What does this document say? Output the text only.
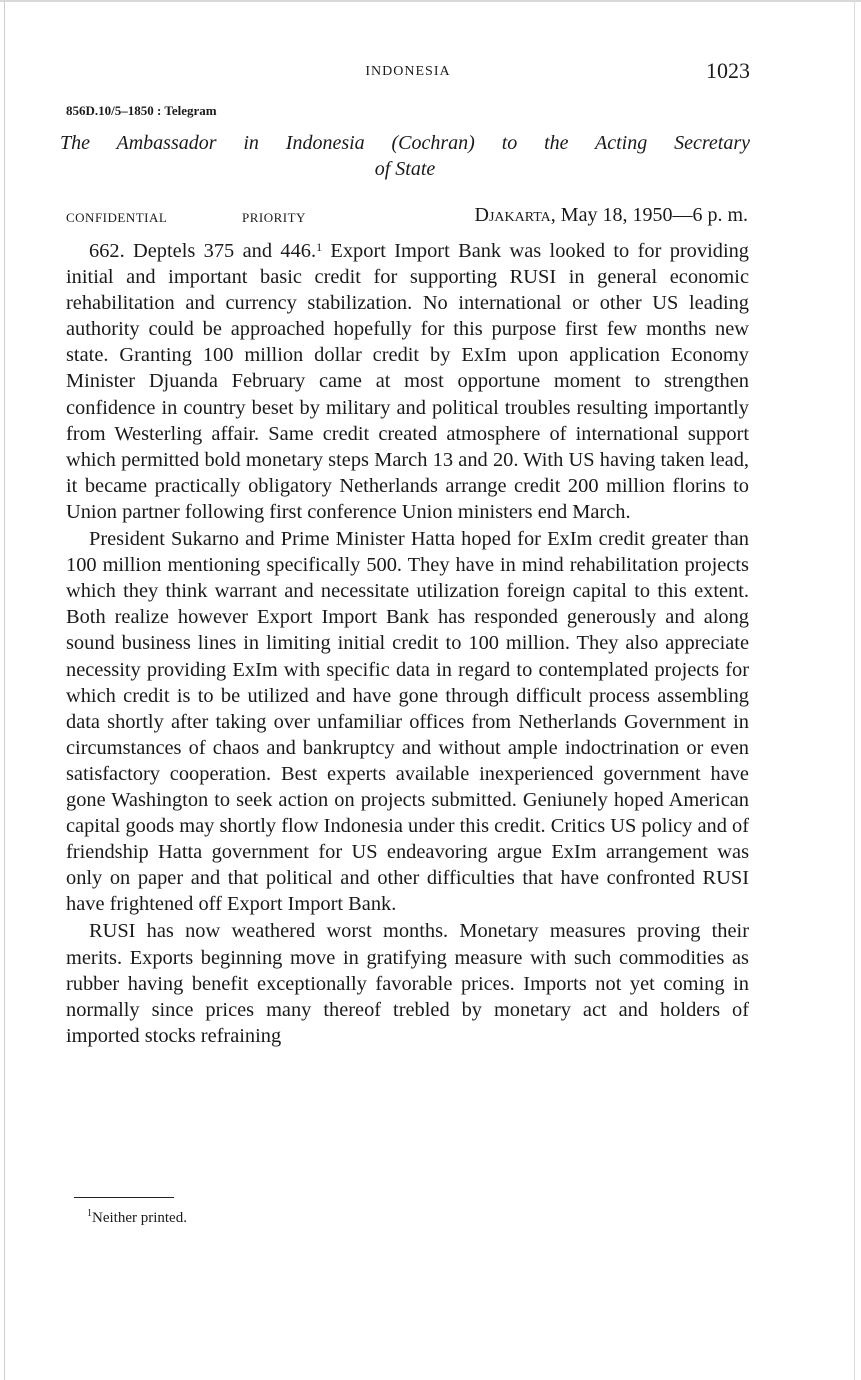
INDONESIA	1023
856D.10/5–1850 : Telegram
The Ambassador in Indonesia (Cochran) to the Acting Secretary
of State
CONFIDENTIAL	PRIORITY	Djakarta, May 18, 1950—6 p. m.

662. Deptels 375 and 446.$^1$ Export Import Bank was looked to for providing initial and important basic credit for supporting RUSI in general economic rehabilitation and currency stabilization. No international or other US leading authority could be approached hopefully for this purpose first few months new state. Granting 100 million dollar credit by ExIm upon application Economy Minister Djuanda February came at most opportune moment to strengthen confidence in country beset by military and political troubles resulting importantly from Westerling affair. Same credit created atmosphere of international support which permitted bold monetary steps March 13 and 20. With US having taken lead, it became practically obligatory Netherlands arrange credit 200 million florins to Union partner following first conference Union ministers end March.

President Sukarno and Prime Minister Hatta hoped for ExIm credit greater than 100 million mentioning specifically 500. They have in mind rehabilitation projects which they think warrant and necessitate utilization foreign capital to this extent. Both realize however Export Import Bank has responded generously and along sound business lines in limiting initial credit to 100 million. They also appreciate necessity providing ExIm with specific data in regard to contemplated projects for which credit is to be utilized and have gone through difficult process assembling data shortly after taking over unfamiliar offices from Netherlands Government in circumstances of chaos and bankruptcy and without ample indoctrination or even satisfactory cooperation. Best experts available inexperienced government have gone Washington to seek action on projects submitted. Geniunely hoped American capital goods may shortly flow Indonesia under this credit. Critics US policy and of friendship Hatta government for US endeavoring argue ExIm arrangement was only on paper and that political and other difficulties that have confronted RUSI have frightened off Export Import Bank.

RUSI has now weathered worst months. Monetary measures proving their merits. Exports beginning move in gratifying measure with such commodities as rubber having benefit exceptionally favorable prices. Imports not yet coming in normally since prices many thereof trebled by monetary act and holders of imported stocks refraining

$^1$Neither printed.
